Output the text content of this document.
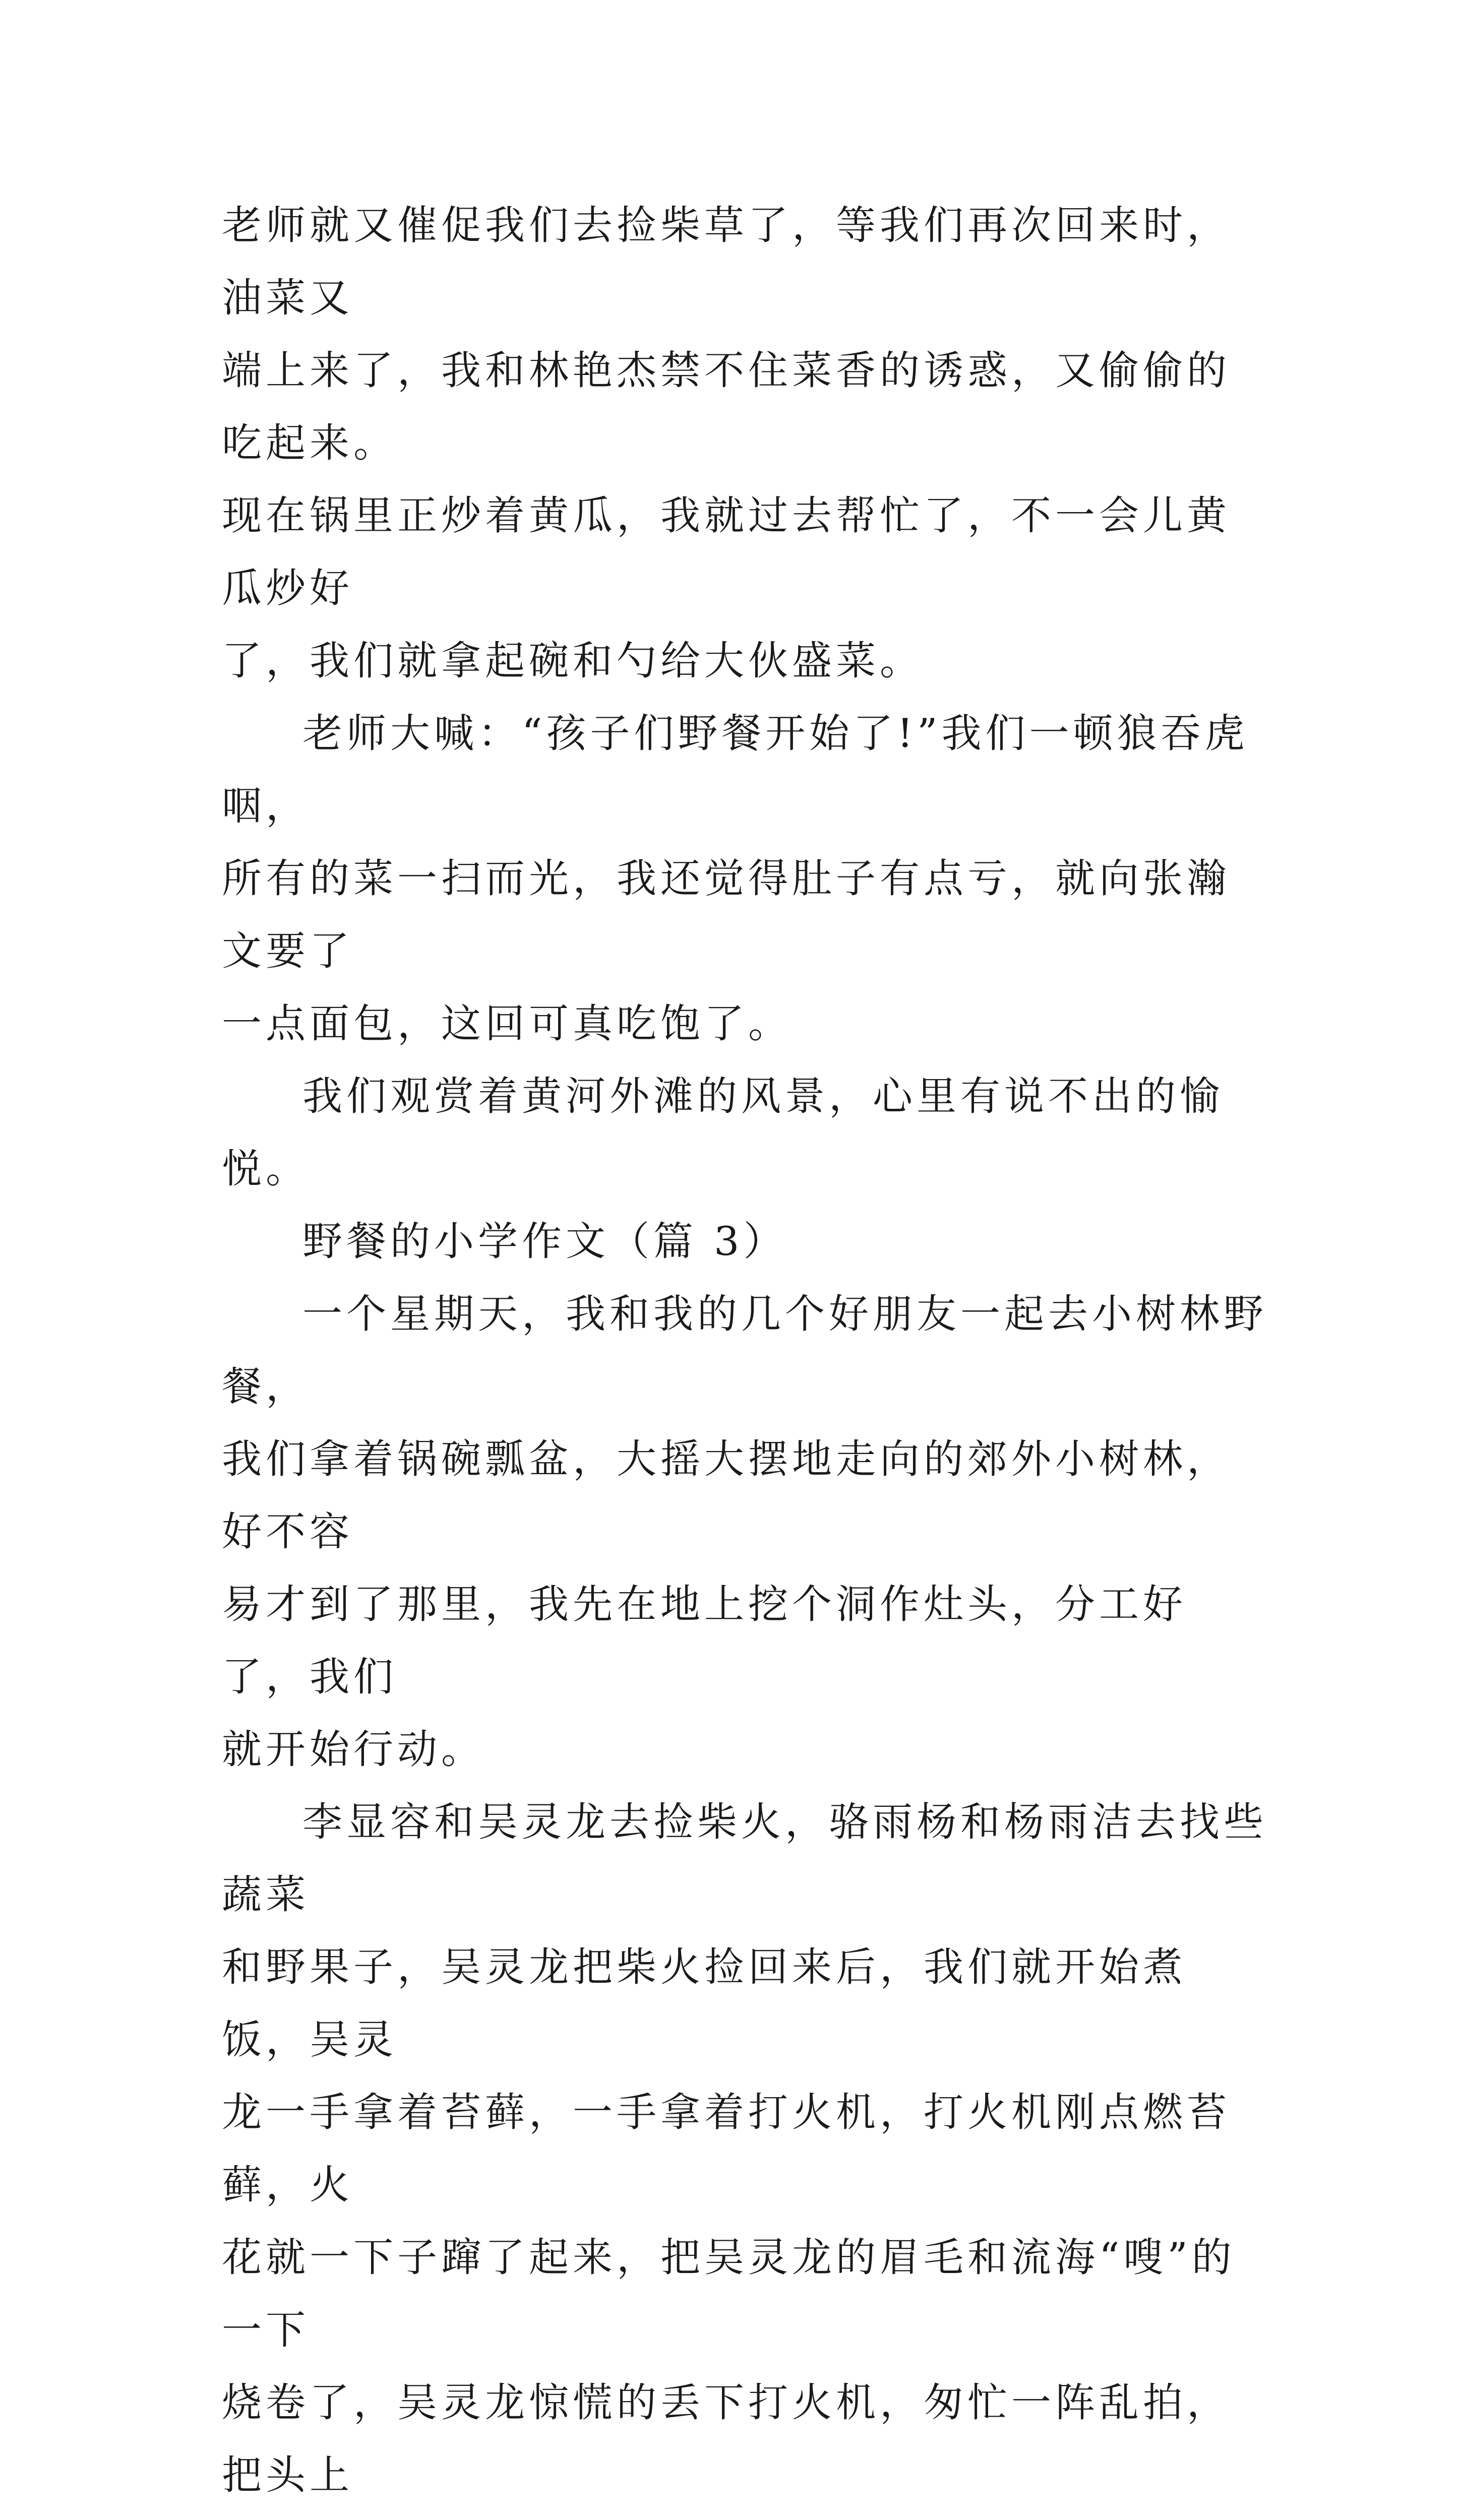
老师就又催促我们去捡柴草了，等我们再次回来时，油菜又
端上来了，我和林艳杰禁不住菜香的诱惑，又偷偷的吃起来。
现在锅里正炒着黄瓜，我就过去帮忙了，不一会儿黄瓜炒好
了，我们就拿起碗和勺给大伙盛菜。

老师大喊：“孩子们野餐开始了!”我们一顿狼吞虎咽，
所有的菜一扫而光，我还觉得肚子有点亏，就向张瀚文要了
一点面包，这回可真吃饱了。

我们观赏着黄河外滩的风景，心里有说不出的愉悦。

野餐的小学作文（篇 3）

一个星期天，我和我的几个好朋友一起去小树林野餐，
我们拿着锅碗瓢盆，大摇大摆地走向的郊外小树林，好不容
易才到了那里，我先在地上挖个洞作灶头，分工好了，我们
就开始行动。

李显容和吴灵龙去捡柴火，骆雨杨和杨雨洁去找些蔬菜
和野果子，吴灵龙把柴火捡回来后，我们就开始煮饭，吴灵
龙一手拿着苔藓，一手拿着打火机，打火机刚点燃苔藓，火
花就一下子蹿了起来，把吴灵龙的眉毛和流海“嗖”的一下
烧卷了，吴灵龙惊慌的丢下打火机，匆忙一阵乱拍，把头上
